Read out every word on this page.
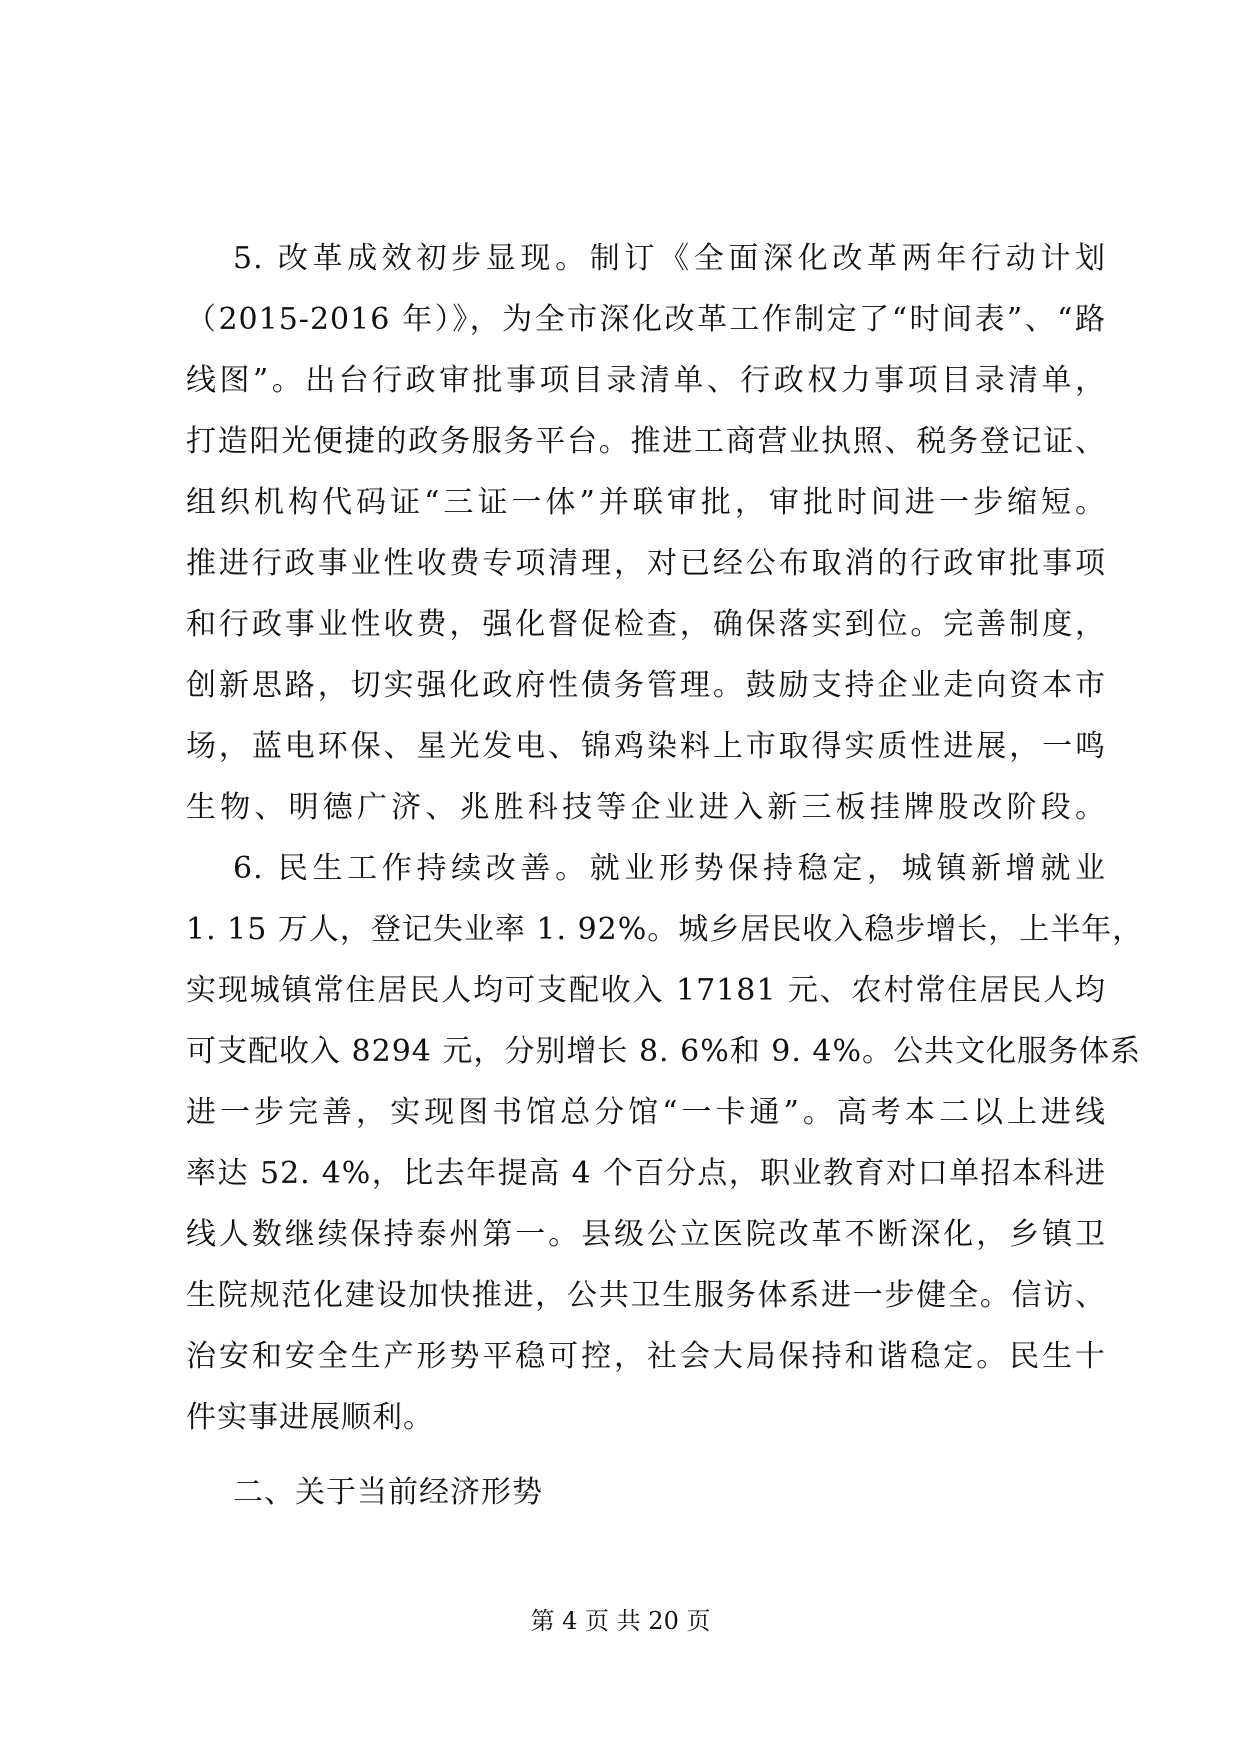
5. 改革成效初步显现。制订《全面深化改革两年行动计划
（2015-2016 年）》，为全市深化改革工作制定了“时间表”、“路
线图”。出台行政审批事项目录清单、行政权力事项目录清单，
打造阳光便捷的政务服务平台。推进工商营业执照、税务登记证、
组织机构代码证“三证一体”并联审批，审批时间进一步缩短。
推进行政事业性收费专项清理，对已经公布取消的行政审批事项
和行政事业性收费，强化督促检查，确保落实到位。完善制度，
创新思路，切实强化政府性债务管理。鼓励支持企业走向资本市
场，蓝电环保、星光发电、锦鸡染料上市取得实质性进展，一鸣
生物、明德广济、兆胜科技等企业进入新三板挂牌股改阶段。
6. 民生工作持续改善。就业形势保持稳定，城镇新增就业
1. 15 万人，登记失业率 1. 92%。城乡居民收入稳步增长，上半年，
实现城镇常住居民人均可支配收入 17181 元、农村常住居民人均
可支配收入 8294 元，分别增长 8. 6%和 9. 4%。公共文化服务体系
进一步完善，实现图书馆总分馆“一卡通”。高考本二以上进线
率达 52. 4%，比去年提高 4 个百分点，职业教育对口单招本科进
线人数继续保持泰州第一。县级公立医院改革不断深化，乡镇卫
生院规范化建设加快推进，公共卫生服务体系进一步健全。信访、
治安和安全生产形势平稳可控，社会大局保持和谐稳定。民生十
件实事进展顺利。
二、关于当前经济形势
第 4 页 共 20 页
